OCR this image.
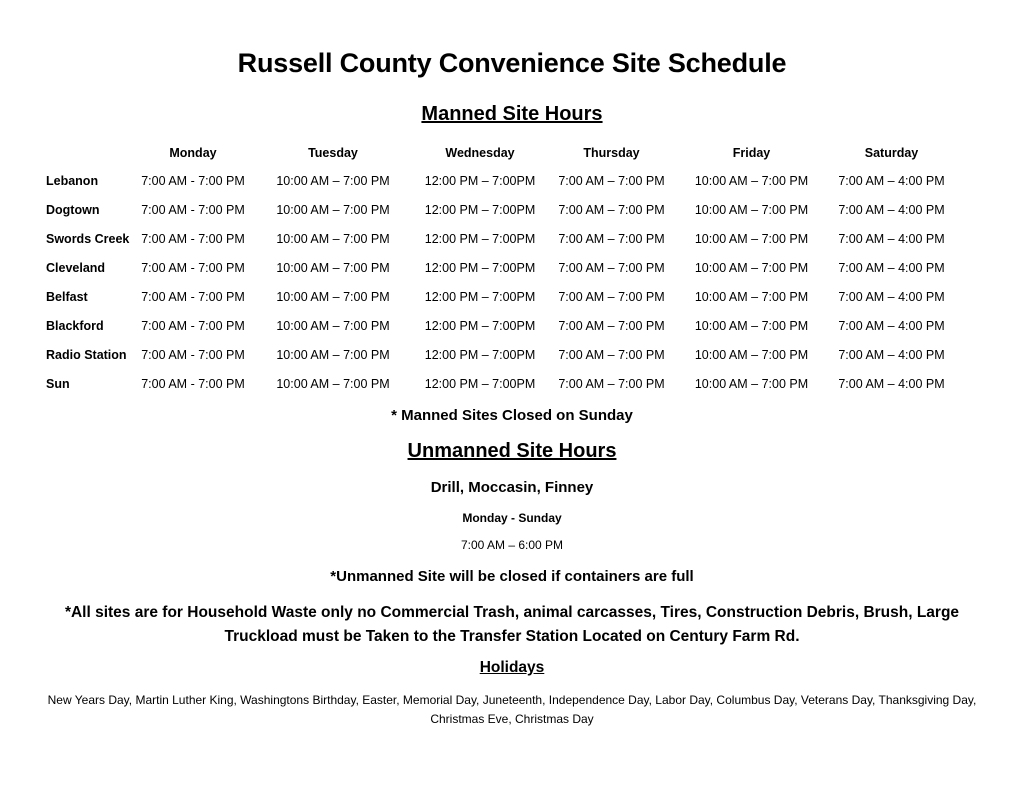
Russell County Convenience Site Schedule
Manned Site Hours
	Monday	Tuesday	Wednesday	Thursday	Friday	Saturday
Lebanon	7:00 AM - 7:00 PM	10:00 AM – 7:00 PM	12:00 PM – 7:00PM	7:00 AM – 7:00 PM	10:00 AM – 7:00 PM	7:00 AM – 4:00 PM
Dogtown	7:00 AM - 7:00 PM	10:00 AM – 7:00 PM	12:00 PM – 7:00PM	7:00 AM – 7:00 PM	10:00 AM – 7:00 PM	7:00 AM – 4:00 PM
Swords Creek	7:00 AM - 7:00 PM	10:00 AM – 7:00 PM	12:00 PM – 7:00PM	7:00 AM – 7:00 PM	10:00 AM – 7:00 PM	7:00 AM – 4:00 PM
Cleveland	7:00 AM - 7:00 PM	10:00 AM – 7:00 PM	12:00 PM – 7:00PM	7:00 AM – 7:00 PM	10:00 AM – 7:00 PM	7:00 AM – 4:00 PM
Belfast	7:00 AM - 7:00 PM	10:00 AM – 7:00 PM	12:00 PM – 7:00PM	7:00 AM – 7:00 PM	10:00 AM – 7:00 PM	7:00 AM – 4:00 PM
Blackford	7:00 AM - 7:00 PM	10:00 AM – 7:00 PM	12:00 PM – 7:00PM	7:00 AM – 7:00 PM	10:00 AM – 7:00 PM	7:00 AM – 4:00 PM
Radio Station	7:00 AM - 7:00 PM	10:00 AM – 7:00 PM	12:00 PM – 7:00PM	7:00 AM – 7:00 PM	10:00 AM – 7:00 PM	7:00 AM – 4:00 PM
Sun	7:00 AM - 7:00 PM	10:00 AM – 7:00 PM	12:00 PM – 7:00PM	7:00 AM – 7:00 PM	10:00 AM – 7:00 PM	7:00 AM – 4:00 PM
* Manned Sites Closed on Sunday
Unmanned Site Hours
Drill, Moccasin, Finney
Monday - Sunday
7:00 AM – 6:00 PM
*Unmanned Site will be closed if containers are full
*All sites are for Household Waste only no Commercial Trash, animal carcasses, Tires, Construction Debris, Brush, Large Truckload must be Taken to the Transfer Station Located on Century Farm Rd.
Holidays
New Years Day, Martin Luther King, Washingtons Birthday, Easter, Memorial Day, Juneteenth, Independence Day, Labor Day, Columbus Day, Veterans Day, Thanksgiving Day, Christmas Eve, Christmas Day
